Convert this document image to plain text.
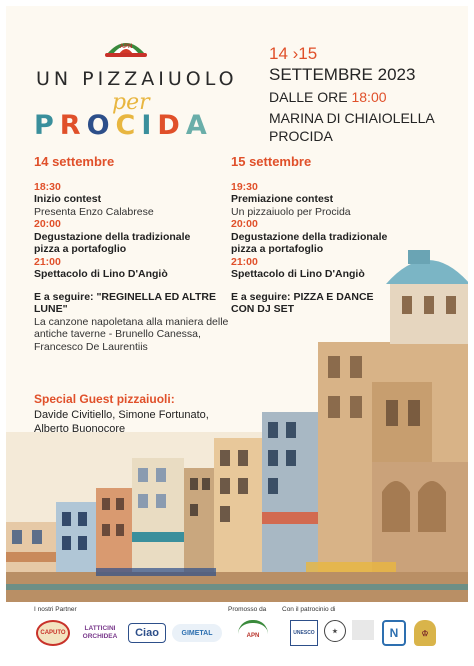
APN
UN PIZZAIUOLO
per
PROCIDA
14 ›15
SETTEMBRE 2023
DALLE ORE 18:00
MARINA DI CHIAIOLELLA
PROCIDA
14 settembre
18:30
Inizio contest
Presenta Enzo Calabrese
20:00
Degustazione della tradizionale
pizza a portafoglio
21:00
Spettacolo di Lino D'Angiò
E a seguire: "REGINELLA ED ALTRE LUNE"
La canzone napoletana alla maniera delle
antiche taverne - Brunello Canessa,
Francesco De Laurentiis
15 settembre
19:30
Premiazione contest
Un pizzaiuolo per Procida
20:00
Degustazione della tradizionale
pizza a portafoglio
21:00
Spettacolo di Lino D'Angiò
E a seguire: PIZZA E DANCE
CON DJ SET
Special Guest pizzaiuoli:
Davide Civitiello, Simone Fortunato,
Alberto Buonocore
I nostri Partner	Promosso da Con il patrocinio di
CAPUTO
LATTICINI
ORCHIDEA	Ciao	GIMETAL	APN	UNESCO	★	N	♔
